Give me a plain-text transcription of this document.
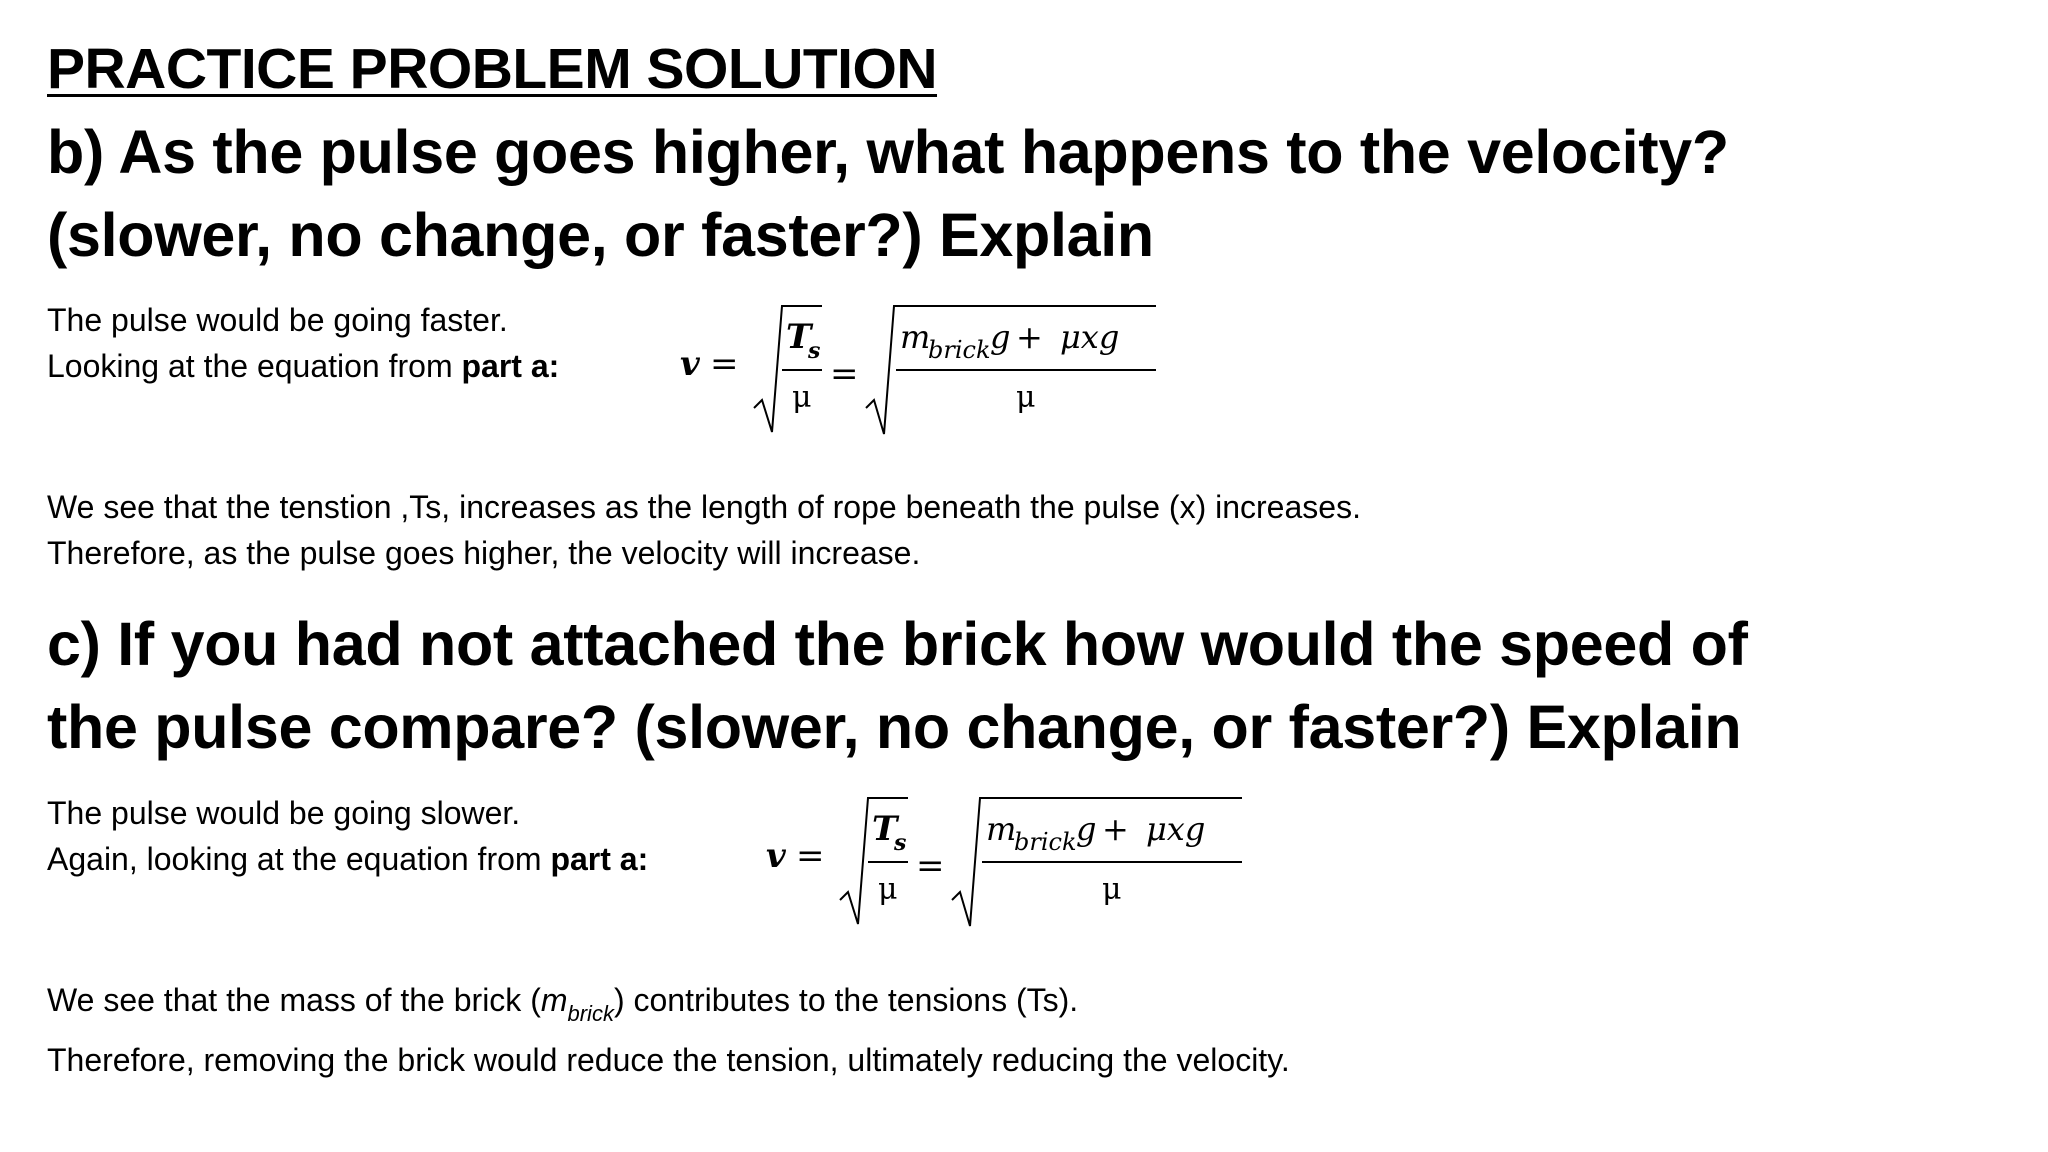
PRACTICE PROBLEM SOLUTION
b) As the pulse goes higher, what happens to the velocity?
(slower, no change, or faster?) Explain
The pulse would be going faster.
Looking at the equation from part a:	v =
T
s
μ
=
m
brick g + μxg
μ
We see that the tenstion ,Ts, increases as the length of rope beneath the pulse (x) increases.
Therefore, as the pulse goes higher, the velocity will increase.
c) If you had not attached the brick how would the speed of
the pulse compare? (slower, no change, or faster?) Explain
The pulse would be going slower.
Again, looking at the equation from part a:	v =
T
s
μ
=
m
brick g + μxg
μ
We see that the mass of the brick $(m_{brick})$ contributes to the tensions (Ts).
Therefore, removing the brick would reduce the tension, ultimately reducing the velocity.
